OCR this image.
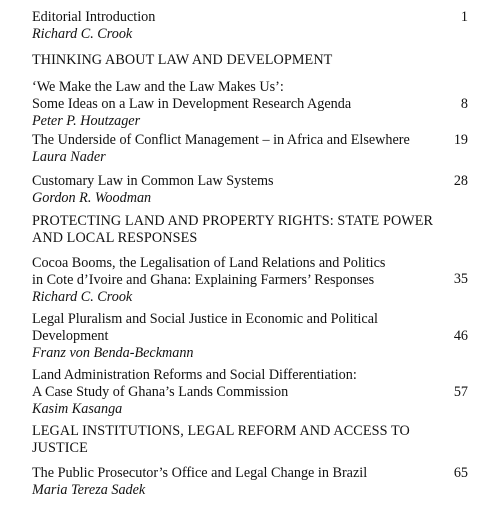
Editorial Introduction
Richard C. Crook
1
THINKING ABOUT LAW AND DEVELOPMENT
‘We Make the Law and the Law Makes Us’:
Some Ideas on a Law in Development Research Agenda
Peter P. Houtzager
8
The Underside of Conflict Management – in Africa and Elsewhere
Laura Nader
19
Customary Law in Common Law Systems
Gordon R. Woodman
28
PROTECTING LAND AND PROPERTY RIGHTS: STATE POWER
AND LOCAL RESPONSES
Cocoa Booms, the Legalisation of Land Relations and Politics
in Cote d’Ivoire and Ghana: Explaining Farmers’ Responses
Richard C. Crook
35
Legal Pluralism and Social Justice in Economic and Political
Development
Franz von Benda-Beckmann
46
Land Administration Reforms and Social Differentiation:
A Case Study of Ghana’s Lands Commission
Kasim Kasanga
57
LEGAL INSTITUTIONS, LEGAL REFORM AND ACCESS TO
JUSTICE
The Public Prosecutor’s Office and Legal Change in Brazil
Maria Tereza Sadek
65
